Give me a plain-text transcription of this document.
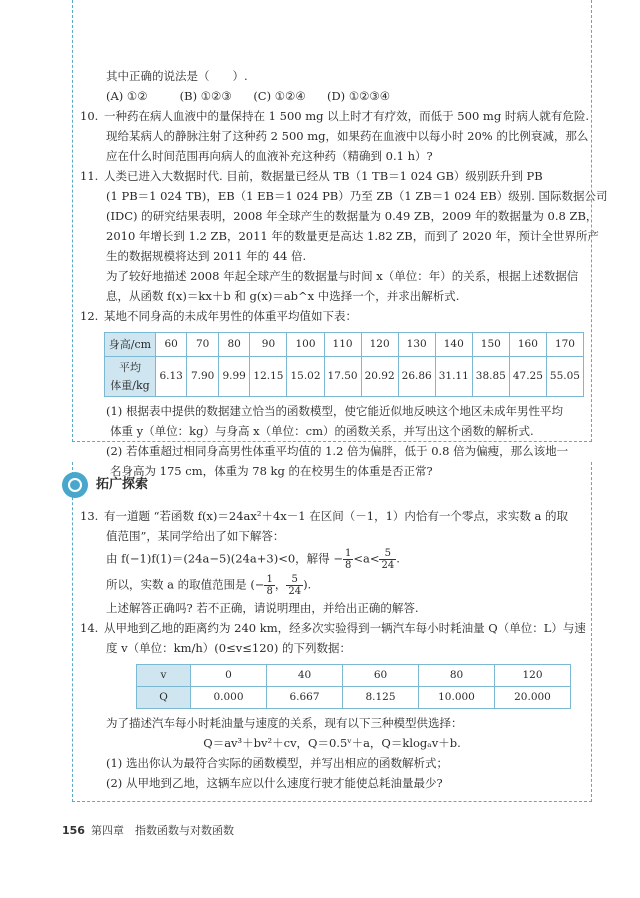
其中正确的说法是（　　）.
(A) ①②	(B) ①②③ (C) ①②④ (D) ①②③④
10. 一种药在病人血液中的量保持在 1 500 mg 以上时才有疗效，而低于 500 mg 时病人就有危险.
现给某病人的静脉注射了这种药 2 500 mg，如果药在血液中以每小时 20% 的比例衰减，那么
应在什么时间范围再向病人的血液补充这种药（精确到 0.1 h）?
11. 人类已进入大数据时代. 目前，数据量已经从 TB（1 TB＝1 024 GB）级别跃升到 PB
(1 PB＝1 024 TB)，EB（1 EB＝1 024 PB）乃至 ZB（1 ZB＝1 024 EB）级别. 国际数据公司
(IDC) 的研究结果表明，2008 年全球产生的数据量为 0.49 ZB，2009 年的数据量为 0.8 ZB，
2010 年增长到 1.2 ZB，2011 年的数量更是高达 1.82 ZB，而到了 2020 年，预计全世界所产
生的数据规模将达到 2011 年的 44 倍.
为了较好地描述 2008 年起全球产生的数据量与时间 x（单位：年）的关系，根据上述数据信
息，从函数 f(x)＝kx＋b 和 g(x)＝ab^x 中选择一个，并求出解析式.
12. 某地不同身高的未成年男性的体重平均值如下表：
身高/cm	60	70	80	90	100	110	120	130	140	150	160	170

平均
体重/kg	6.13	7.90	9.99	12.15	15.02	17.50	20.92	26.86	31.11	38.85	47.25	55.05
(1) 根据表中提供的数据建立恰当的函数模型，使它能近似地反映这个地区未成年男性平均
体重 y（单位：kg）与身高 x（单位：cm）的函数关系，并写出这个函数的解析式.
(2) 若体重超过相同身高男性体重平均值的 1.2 倍为偏胖，低于 0.8 倍为偏瘦，那么该地一
名身高为 175 cm，体重为 78 kg 的在校男生的体重是否正常?
拓广探索
13. 有一道题 “若函数 f(x)＝24ax²＋4x－1 在区间（－1，1）内恰有一个零点，求实数 a 的取
值范围”，某同学给出了如下解答：
由 f(−1)f(1)＝(24a−5)(24a+3)<0，解得 − $\frac{1}{8} <a< \frac{5}{24}$ .
所以，实数 a 的取值范围是 (− $\frac{1}{8}$ ， $\frac{5}{24}$ ).
上述解答正确吗? 若不正确，请说明理由，并给出正确的解答.
14. 从甲地到乙地的距离约为 240 km，经多次实验得到一辆汽车每小时耗油量 Q（单位：L）与速
度 v（单位：km/h）(0≤v≤120) 的下列数据：
v	0	40	60	80	120
Q	0.000	6.667	8.125	10.000	20.000
为了描述汽车每小时耗油量与速度的关系，现有以下三种模型供选择：
Q＝av³＋bv²＋cv，Q＝0.5ᵛ＋a，Q＝klogₐv＋b.
(1) 选出你认为最符合实际的函数模型，并写出相应的函数解析式；
(2) 从甲地到乙地，这辆车应以什么速度行驶才能使总耗油量最少?
156 第四章　指数函数与对数函数
